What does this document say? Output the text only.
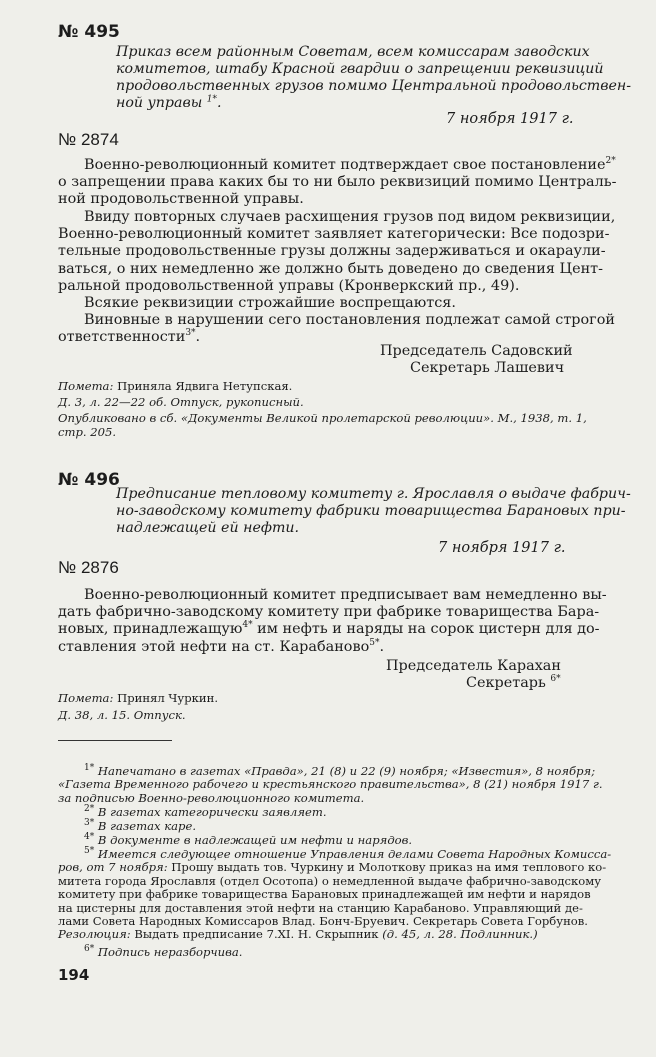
№ 495
Приказ всем районным Советам, всем комиссарам заводских
комитетов, штабу Красной гвардии о запрещении реквизиций
продовольственных грузов помимо Центральной продовольствен-
ной управы $^{1*}$.
7 ноября 1917 г.
№ 2874
Военно-революционный комитет подтверждает свое постановление$^{2*}$
о запрещении права каких бы то ни было реквизиций помимо Централь-
ной продовольственной управы.
Ввиду повторных случаев расхищения грузов под видом реквизиции,
Военно-революционный комитет заявляет категорически: Все подозри-
тельные продовольственные грузы должны задерживаться и окараули-
ваться, о них немедленно же должно быть доведено до сведения Цент-
ральной продовольственной управы (Кронверкский пр., 49).
Всякие реквизиции строжайшие воспрещаются.
Виновные в нарушении сего постановления подлежат самой строгой
ответственности$^{3*}$.
Председатель Садовский
Секретарь Лашевич
Помета: Приняла Ядвига Нетупская.
Д. 3, л. 22—22 об. Отпуск, рукописный.
Опубликовано в сб. «Документы Великой пролетарской революции». М., 1938, т. 1,
стр. 205.
№ 496
Предписание тепловому комитету г. Ярославля о выдаче фабрич-
но-заводскому комитету фабрики товарищества Барановых при-
надлежащей ей нефти.
7 ноября 1917 г.
№ 2876
Военно-революционный комитет предписывает вам немедленно вы-
дать фабрично-заводскому комитету при фабрике товарищества Бара-
новых, принадлежащую$^{4*}$ им нефть и наряды на сорок цистерн для до-
ставления этой нефти на ст. Карабаново$^{5*}$.
Председатель Карахан
Секретарь $^{6*}$
Помета: Принял Чуркин.
Д. 38, л. 15. Отпуск.
$^{1*}$ Напечатано в газетах «Правда», 21 (8) и 22 (9) ноября; «Известия», 8 ноября;
«Газета Временного рабочего и крестьянского правительства», 8 (21) ноября 1917 г.
за подписью Военно-революционного комитета.
$^{2*}$ В газетах категорически заявляет.
$^{3*}$ В газетах каре.
$^{4*}$ В документе в надлежащей им нефти и нарядов.
$^{5*}$ Имеется следующее отношение Управления делами Совета Народных Комисса-
ров, от 7 ноября: Прошу выдать тов. Чуркину и Молоткову приказ на имя теплового ко-
митета города Ярославля (отдел Осотопа) о немедленной выдаче фабрично-заводскому
комитету при фабрике товарищества Барановых принадлежащей им нефти и нарядов
на цистерны для доставления этой нефти на станцию Карабаново. Управляющий де-
лами Совета Народных Комиссаров Влад. Бонч-Бруевич. Секретарь Совета Горбунов.
Резолюция: Выдать предписание 7.XI. Н. Скрыпник (д. 45, л. 28. Подлинник.)
$^{6*}$ Подпись неразборчива.
194
